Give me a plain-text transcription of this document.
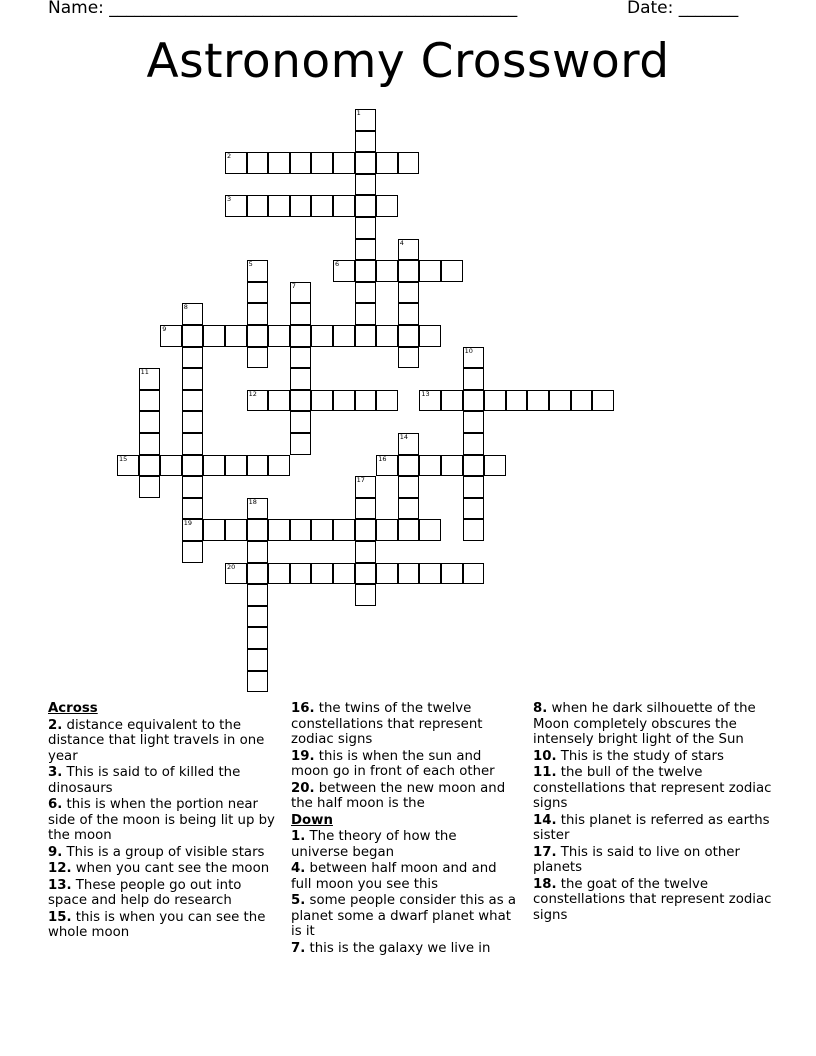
Name: ________________________________________________	Date: _______
Astronomy Crossword
1
2
3
4
5	6
7
8
19
9
10
11
12	13
14
15	16
17
18
20
Across
2. distance equivalent to the distance that light travels in one year
3. This is said to of killed the dinosaurs
6. this is when the portion near side of the moon is being lit up by the moon
9. This is a group of visible stars
12. when you cant see the moon
13. These people go out into space and help do research
15. this is when you can see the whole moon
16. the twins of the twelve constellations that represent zodiac signs
19. this is when the sun and moon go in front of each other
20. between the new moon and the half moon is the
Down
1. The theory of how the universe began
4. between half moon and and full moon you see this
5. some people consider this as a planet some a dwarf planet what is it
7. this is the galaxy we live in
8. when he dark silhouette of the Moon completely obscures the intensely bright light of the Sun
10. This is the study of stars
11. the bull of the twelve constellations that represent zodiac signs
14. this planet is referred as earths sister
17. This is said to live on other planets
18. the goat of the twelve constellations that represent zodiac signs
